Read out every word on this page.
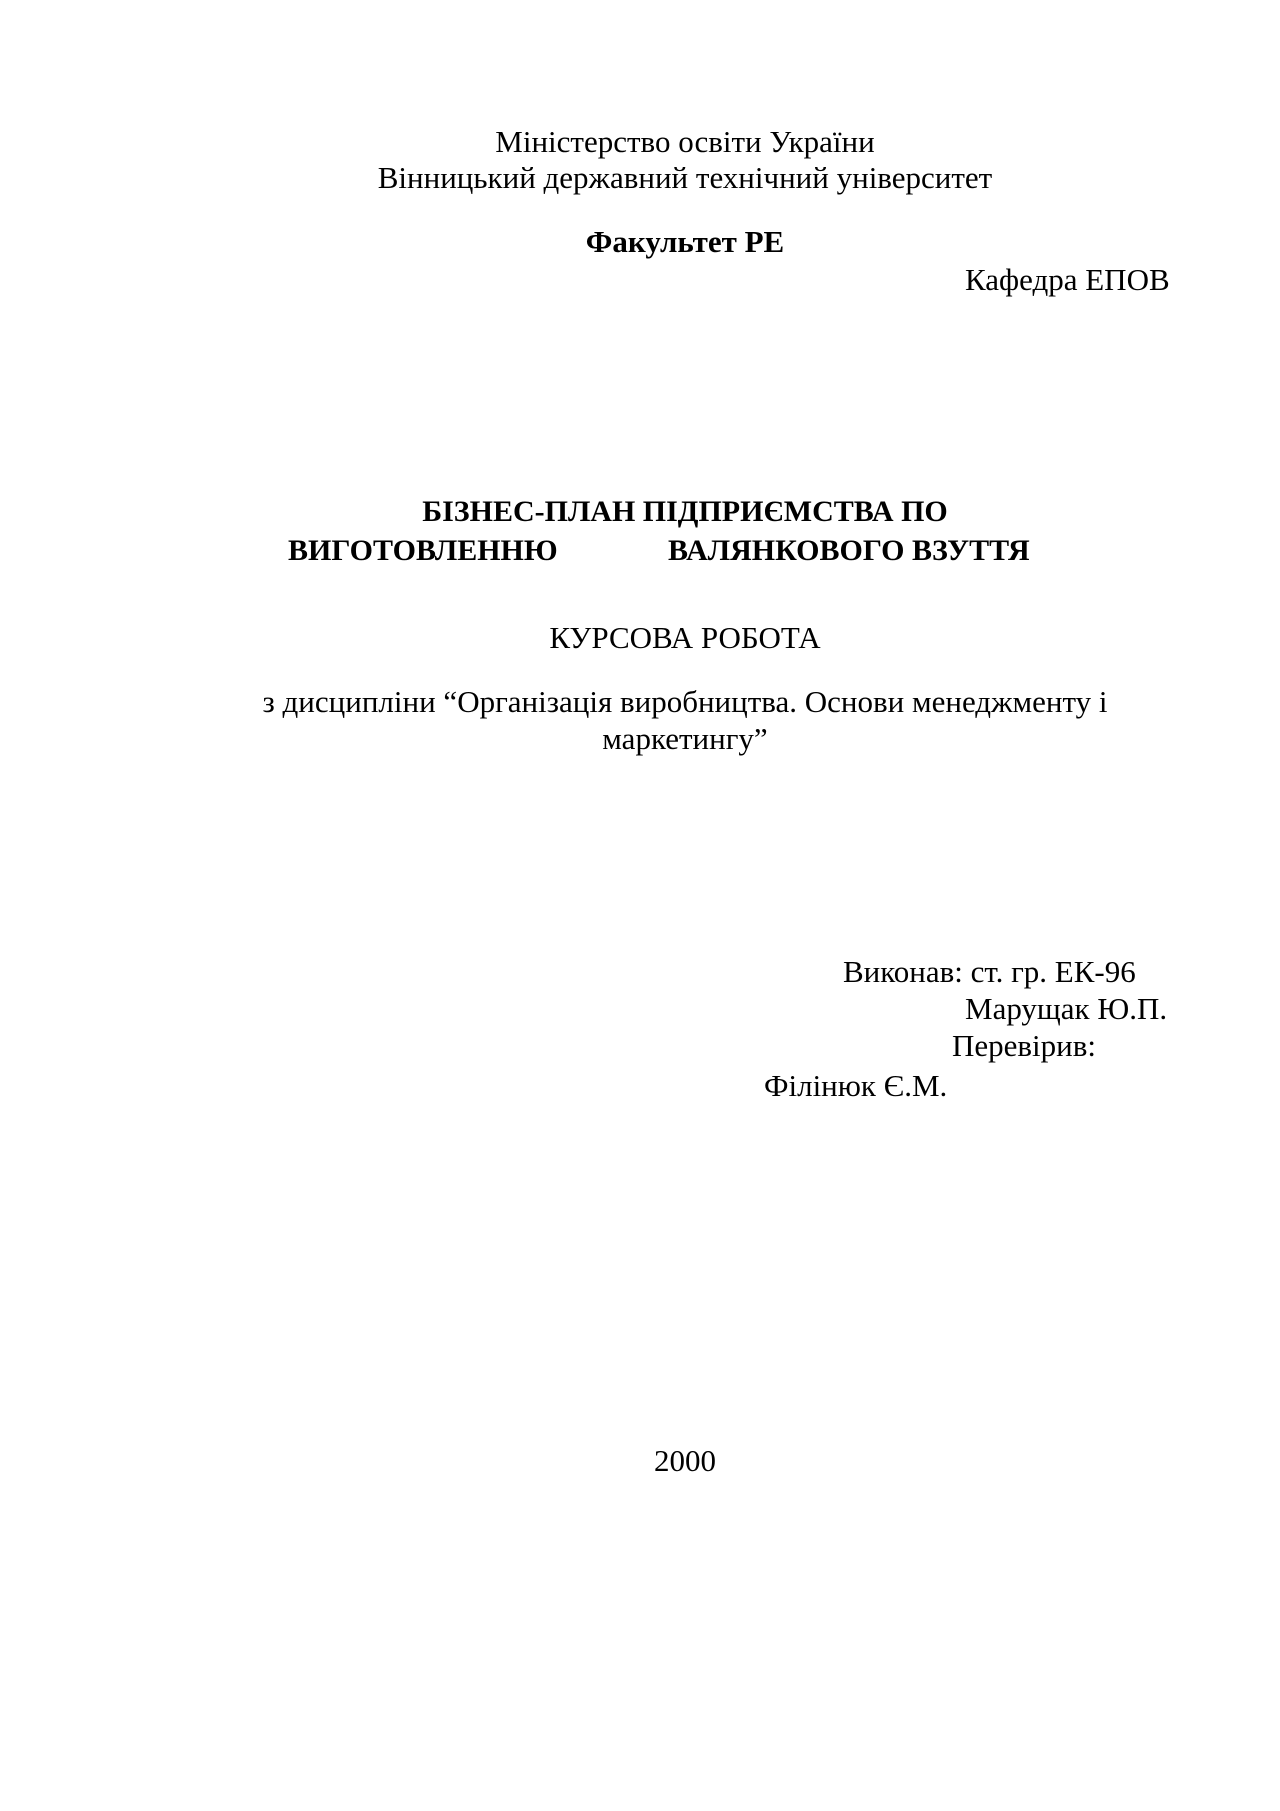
Міністерство освіти України
Вінницький державний технічний університет
Факультет РЕ
Кафедра ЕПОВ
БІЗНЕС-ПЛАН ПІДПРИЄМСТВА ПО
ВИГОТОВЛЕННЮ	ВАЛЯНКОВОГО ВЗУТТЯ
КУРСОВА РОБОТА
з дисципліни “Організація виробництва. Основи менеджменту і
маркетингу”
Виконав: ст. гр. ЕК-96
Марущак Ю.П.
Перевірив:
Філінюк Є.М.
2000
